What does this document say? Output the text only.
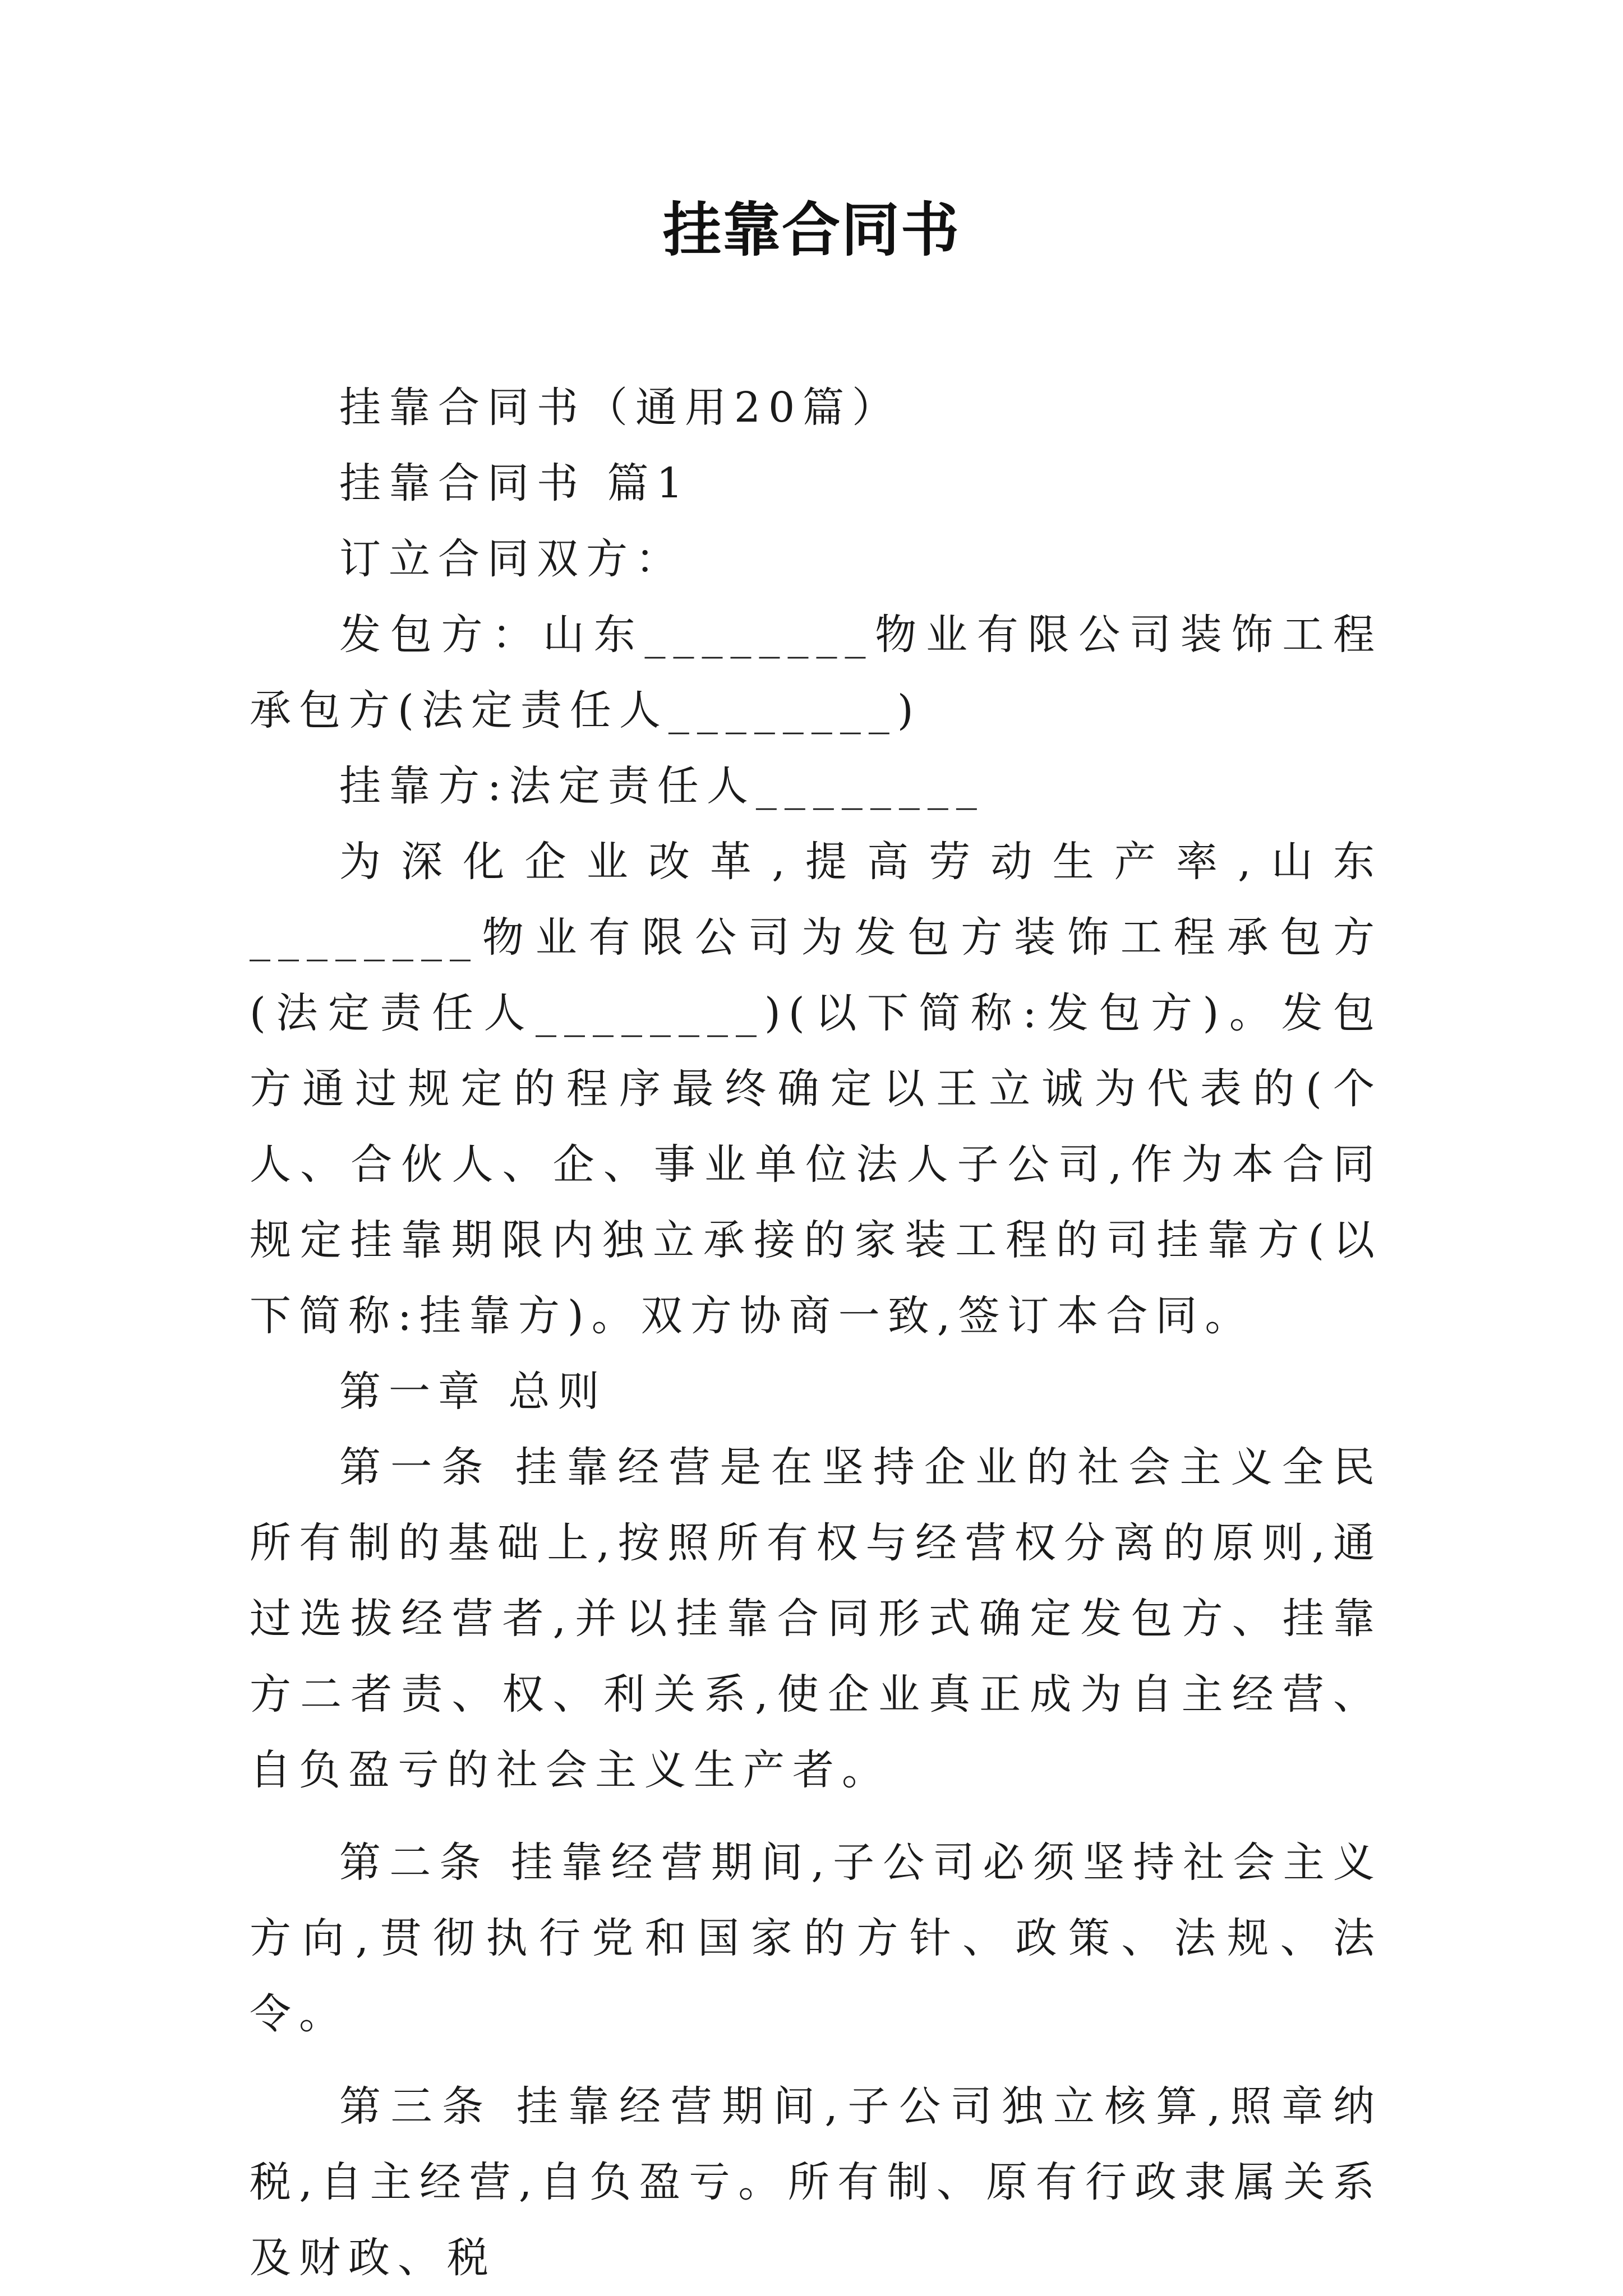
挂靠合同书

挂靠合同书（通用20篇）

挂靠合同书 篇1

订立合同双方：

发包方：山东________物业有限公司装饰工程承包方(法定责任人________)

挂靠方:法定责任人________

为深化企业改革,提高劳动生产率,山东________物业有限公司为发包方装饰工程承包方(法定责任人________)(以下简称:发包方)。发包方通过规定的程序最终确定以王立诚为代表的(个人、合伙人、企、事业单位法人子公司,作为本合同规定挂靠期限内独立承接的家装工程的司挂靠方(以下简称:挂靠方)。双方协商一致,签订本合同。

第一章 总则

第一条 挂靠经营是在坚持企业的社会主义全民所有制的基础上,按照所有权与经营权分离的原则,通过选拔经营者,并以挂靠合同形式确定发包方、挂靠方二者责、权、利关系,使企业真正成为自主经营、自负盈亏的社会主义生产者。

第二条 挂靠经营期间,子公司必须坚持社会主义方向,贯彻执行党和国家的方针、政策、法规、法令。

第三条 挂靠经营期间,子公司独立核算,照章纳税,自主经营,自负盈亏。所有制、原有行政隶属关系及财政、税
